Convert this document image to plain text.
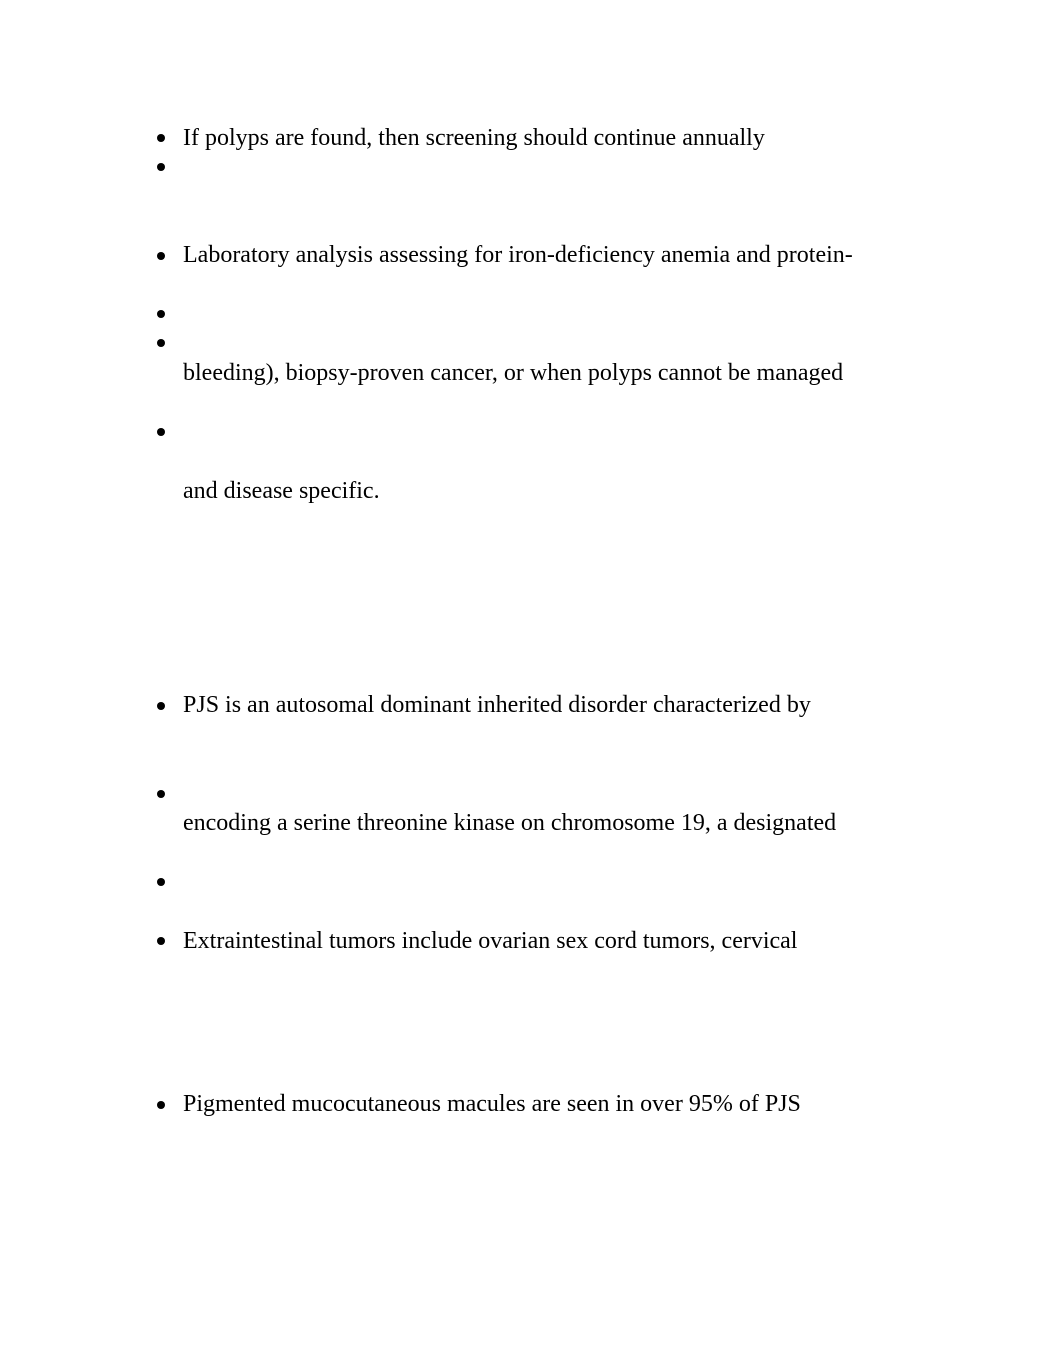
If polyps are found, then screening should continue annually
Laboratory analysis assessing for iron-deficiency anemia and protein-
bleeding), biopsy-proven cancer, or when polyps cannot be managed
and disease specific.
PJS is an autosomal dominant inherited disorder characterized by
encoding a serine threonine kinase on chromosome 19, a designated
Extraintestinal tumors include ovarian sex cord tumors, cervical
Pigmented mucocutaneous macules are seen in over 95% of PJS
